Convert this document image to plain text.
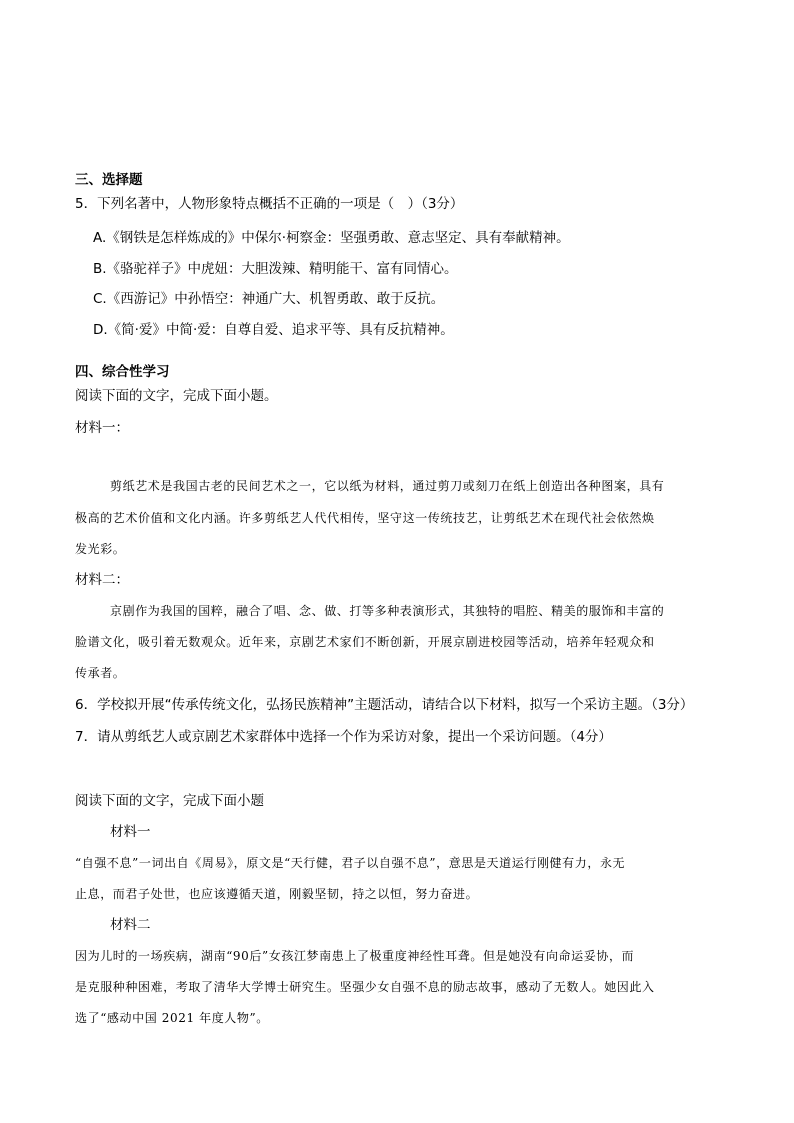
三、选择题
5．下列名著中，人物形象特点概括不正确的一项是（　）（3分）
A.《钢铁是怎样炼成的》中保尔·柯察金：坚强勇敢、意志坚定、具有奉献精神。
B.《骆驼祥子》中虎妞：大胆泼辣、精明能干、富有同情心。
C.《西游记》中孙悟空：神通广大、机智勇敢、敢于反抗。
D.《简·爱》中简·爱：自尊自爱、追求平等、具有反抗精神。
四、综合性学习
阅读下面的文字，完成下面小题。
材料一：
剪纸艺术是我国古老的民间艺术之一，它以纸为材料，通过剪刀或刻刀在纸上创造出各种图案，具有
极高的艺术价值和文化内涵。许多剪纸艺人代代相传，坚守这一传统技艺，让剪纸艺术在现代社会依然焕
发光彩。
材料二：
京剧作为我国的国粹，融合了唱、念、做、打等多种表演形式，其独特的唱腔、精美的服饰和丰富的
脸谱文化，吸引着无数观众。近年来，京剧艺术家们不断创新，开展京剧进校园等活动，培养年轻观众和
传承者。
6．学校拟开展“传承传统文化，弘扬民族精神”主题活动，请结合以下材料，拟写一个采访主题。（3分）
7．请从剪纸艺人或京剧艺术家群体中选择一个作为采访对象，提出一个采访问题。（4分）
阅读下面的文字，完成下面小题
材料一
“自强不息”一词出自《周易》，原文是“天行健，君子以自强不息”，意思是天道运行刚健有力，永无
止息，而君子处世，也应该遵循天道，刚毅坚韧，持之以恒，努力奋进。
材料二
因为儿时的一场疾病，湖南“90后”女孩江梦南患上了极重度神经性耳聋。但是她没有向命运妥协，而
是克服种种困难，考取了清华大学博士研究生。坚强少女自强不息的励志故事，感动了无数人。她因此入
选了“感动中国 2021 年度人物”。
